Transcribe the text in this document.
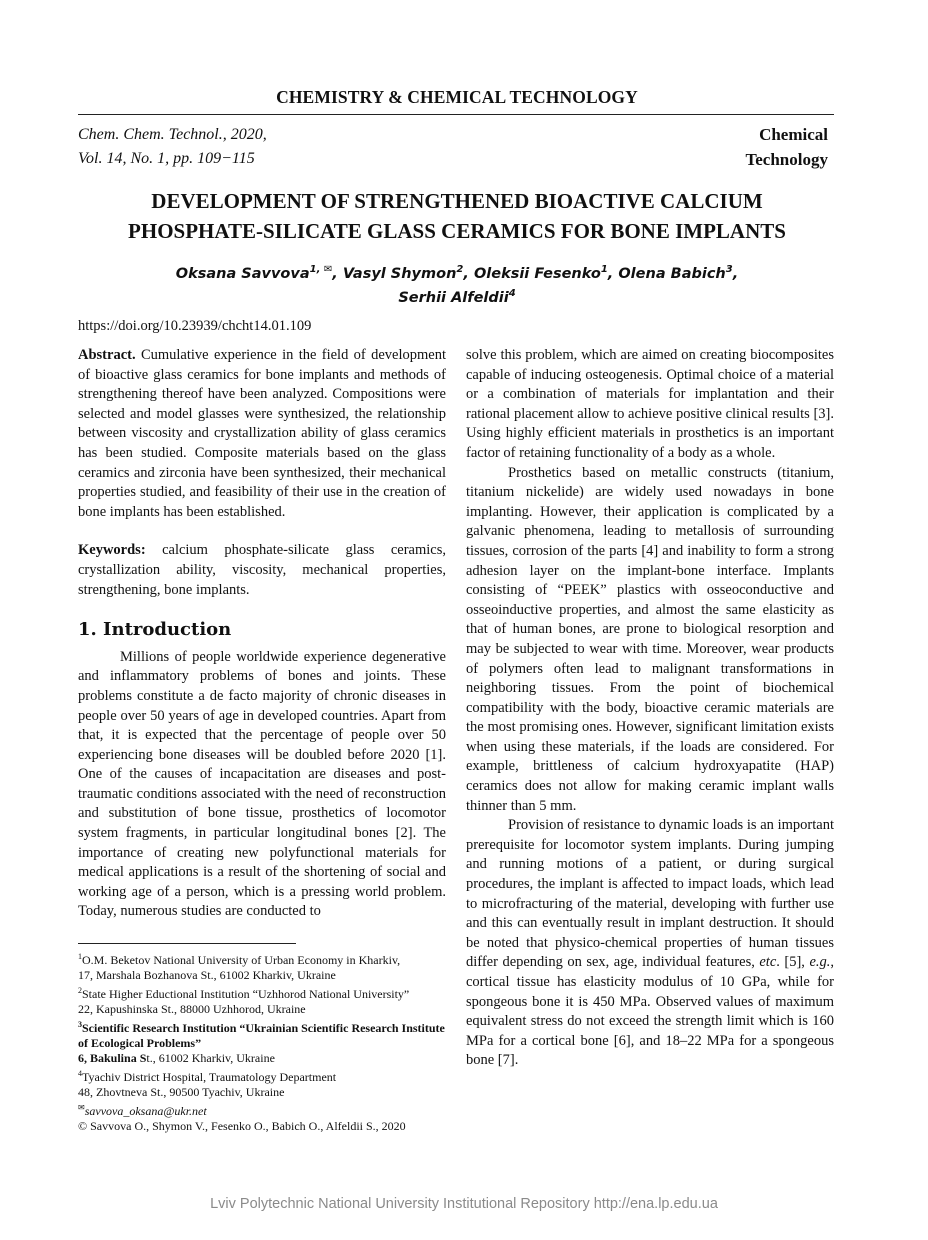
CHEMISTRY & CHEMICAL TECHNOLOGY
Chem. Chem. Technol., 2020,
Vol. 14, No. 1, pp. 109−115
Chemical
Technology
DEVELOPMENT OF STRENGTHENED BIOACTIVE CALCIUM
PHOSPHATE-SILICATE GLASS CERAMICS FOR BONE IMPLANTS
Oksana Savvova$^{1, ✉}$, Vasyl Shymon$^2$, Oleksii Fesenko$^1$, Olena Babich$^3$,
Serhii Alfeldii$^4$
https://doi.org/10.23939/chcht14.01.109

Abstract. Cumulative experience in the field of development of bioactive glass ceramics for bone implants and methods of strengthening thereof have been analyzed. Compositions were selected and model glasses were synthesized, the relationship between viscosity and crystallization ability of glass ceramics has been studied. Composite materials based on the glass ceramics and zirconia have been synthesized, their mechanical properties studied, and feasibility of their use in the creation of bone implants has been established.

Keywords: calcium phosphate-silicate glass ceramics, crystallization ability, viscosity, mechanical properties, strengthening, bone implants.

1. Introduction

Millions of people worldwide experience degenerative and inflammatory problems of bones and joints. These problems constitute a de facto majority of chronic diseases in people over 50 years of age in developed countries. Apart from that, it is expected that the percentage of people over 50 experiencing bone diseases will be doubled before 2020 [1]. One of the causes of incapacitation are diseases and post-traumatic conditions associated with the need of reconstruction and substitution of bone tissue, prosthetics of locomotor system fragments, in particular longitudinal bones [2]. The importance of creating new polyfunctional materials for medical applications is a result of the shortening of social and working age of a person, which is a pressing world problem. Today, numerous studies are conducted to

solve this problem, which are aimed on creating biocomposites capable of inducing osteogenesis. Optimal choice of a material or a combination of materials for implantation and their rational placement allow to achieve positive clinical results [3]. Using highly efficient materials in prosthetics is an important factor of retaining functionality of a body as a whole.

Prosthetics based on metallic constructs (titanium, titanium nickelide) are widely used nowadays in bone implanting. However, their application is complicated by a galvanic phenomena, leading to metallosis of surrounding tissues, corrosion of the parts [4] and inability to form a strong adhesion layer on the implant-bone interface. Implants consisting of “PEEK” plastics with osseoconductive and osseoinductive properties, and almost the same elasticity as that of human bones, are prone to biological resorption and may be subjected to wear with time. Moreover, wear products of polymers often lead to malignant transformations in neighboring tissues. From the point of biochemical compatibility with the body, bioactive ceramic materials are the most promising ones. However, significant limitation exists when using these materials, if the loads are considered. For example, brittleness of calcium hydroxyapatite (HAP) ceramics does not allow for making ceramic implant walls thinner than 5 mm.

Provision of resistance to dynamic loads is an important prerequisite for locomotor system implants. During jumping and running motions of a patient, or during surgical procedures, the implant is affected to impact loads, which lead to microfracturing of the material, developing with further use and this can eventually result in implant destruction. It should be noted that physico-chemical properties of human tissues differ depending on sex, age, individual features, etc. [5], e.g., cortical tissue has elasticity modulus of 10 GPa, while for spongeous bone it is 450 MPa. Observed values of maximum equivalent stress do not exceed the strength limit which is 160 MPa for a cortical bone [6], and 18–22 MPa for a spongeous bone [7].

$^1$O.M. Beketov National University of Urban Economy in Kharkiv,
17, Marshala Bozhanova St., 61002 Kharkiv, Ukraine
$^2$State Higher Eductional Institution “Uzhhorod National University”
22, Kapushinska St., 88000 Uzhhorod, Ukraine
$^3$Scientific Research Institution “Ukrainian Scientific Research Institute
of Ecological Problems”
6, Bakulina St., 61002 Kharkiv, Ukraine
$^4$Tyachiv District Hospital, Traumatology Department
48, Zhovtneva St., 90500 Tyachiv, Ukraine
✉savvova_oksana@ukr.net
© Savvova O., Shymon V., Fesenko O., Babich O., Alfeldii S., 2020
Lviv Polytechnic National University Institutional Repository http://ena.lp.edu.ua
